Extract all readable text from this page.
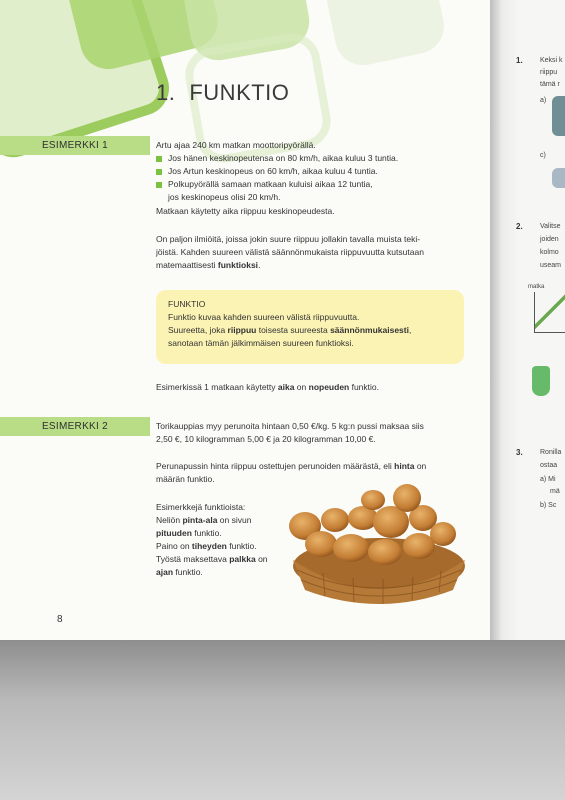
1. FUNKTIO
ESIMERKKI 1	Artu ajaa 240 km matkan moottoripyörällä.
Jos hänen keskinopeutensa on 80 km/h, aikaa kuluu 3 tuntia.
Jos Artun keskinopeus on 60 km/h, aikaa kuluu 4 tuntia.
Polkupyörällä samaan matkaan kuluisi aikaa 12 tuntia,
jos keskinopeus olisi 20 km/h.
Matkaan käytetty aika riippuu keskinopeudesta.
On paljon ilmiöitä, joissa jokin suure riippuu jollakin tavalla muista teki-
jöistä. Kahden suureen välistä säännönmukaista riippuvuutta kutsutaan
matemaattisesti funktioksi.
FUNKTIO
Funktio kuvaa kahden suureen välistä riippuvuutta.
Suureetta, joka riippuu toisesta suureesta säännönmukaisesti,
sanotaan tämän jälkimmäisen suureen funktioksi.
Esimerkissä 1 matkaan käytetty aika on nopeuden funktio.
ESIMERKKI 2	Torikauppias myy perunoita hintaan 0,50 €/kg. 5 kg:n pussi maksaa siis
2,50 €, 10 kilogramman 5,00 € ja 20 kilogramman 10,00 €.
Perunapussin hinta riippuu ostettujen perunoiden määrästä, eli hinta on
määrän funktio.
Esimerkkejä funktioista:
Neliön pinta-ala on sivun
pituuden funktio.
Paino on tiheyden funktio.
Työstä maksettava palkka on
ajan funktio.
8
1. Keksi k
riippu
tämä r
a)
c)
2. Valitse
joiden
kolmo
useam
matka
3. Ronilla
ostaa
a) Mi
mä
b) Sc
